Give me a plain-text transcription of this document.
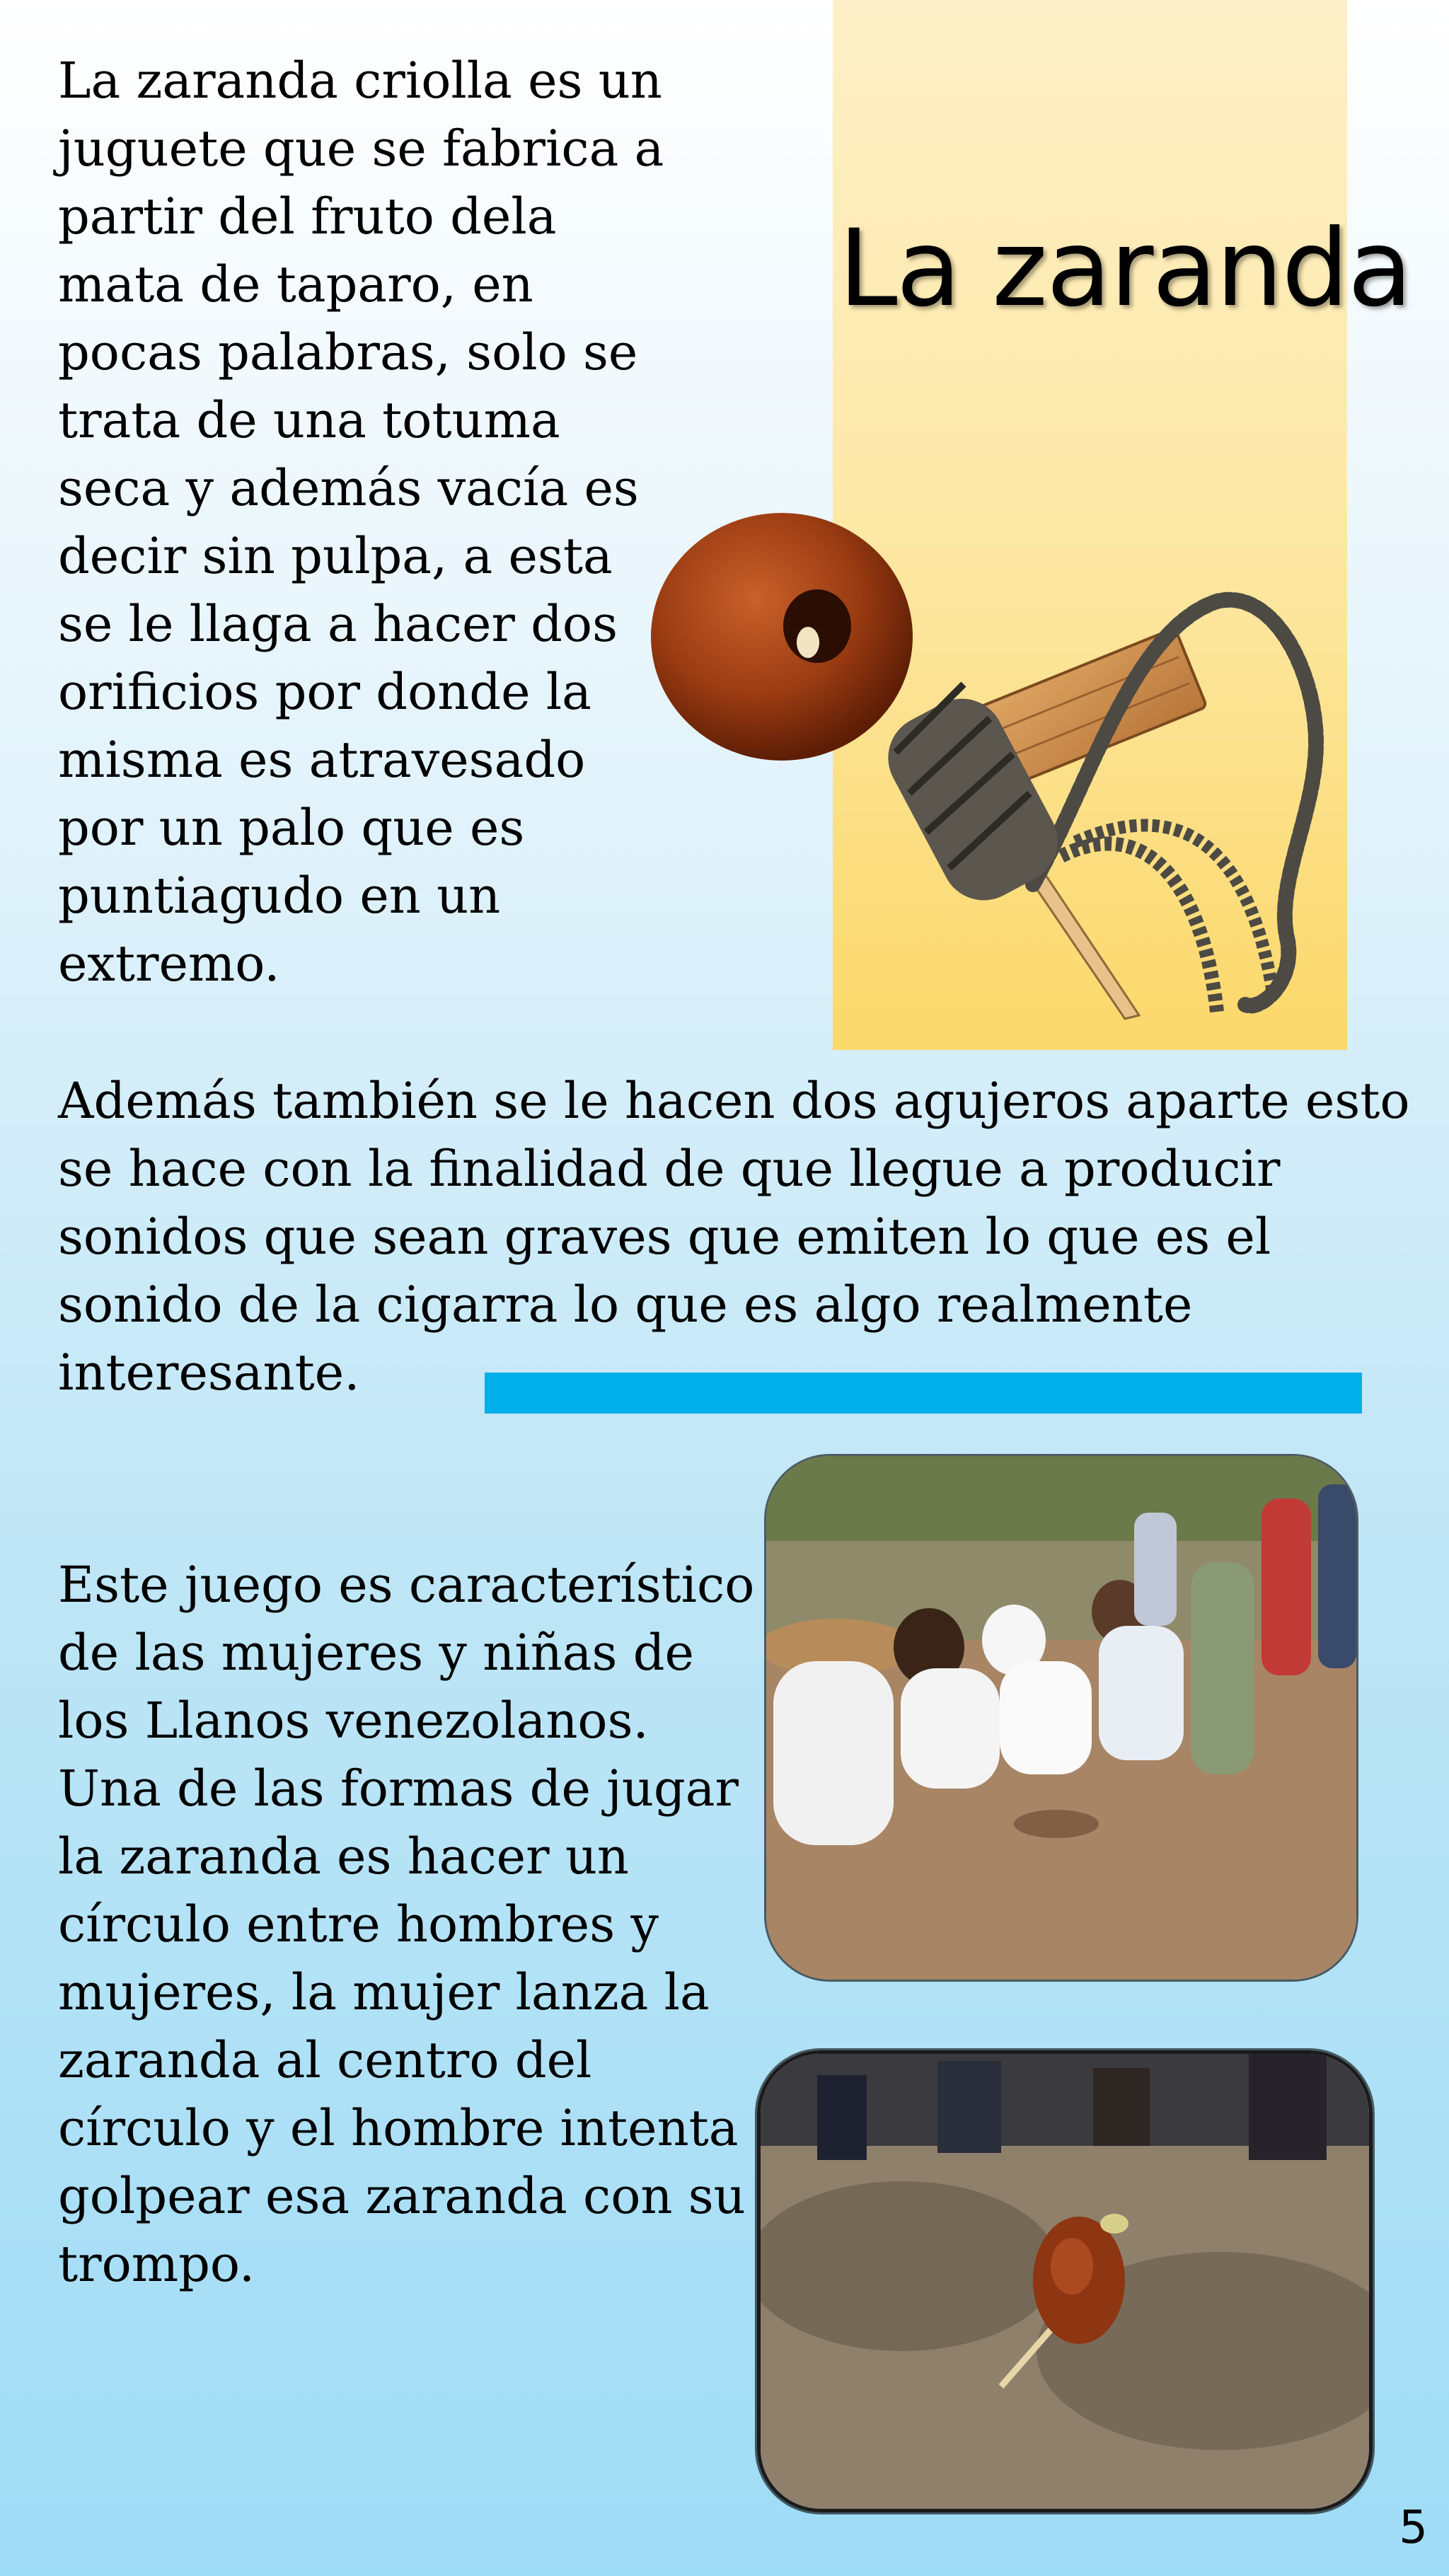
La zaranda

La zaranda criolla es un juguete que se fabrica a partir del fruto dela mata de taparo, en pocas palabras, solo se trata de una totuma seca y además vacía es decir sin pulpa, a esta se le llaga a hacer dos orificios por donde la misma es atravesado por un palo que es puntiagudo en un extremo.

Además también se le hacen dos agujeros aparte esto se hace con la finalidad de que llegue a producir sonidos que sean graves que emiten lo que es el sonido de la cigarra lo que es algo realmente interesante.

Este juego es característico de las mujeres y niñas de los Llanos venezolanos. Una de las formas de jugar la zaranda es hacer un círculo entre hombres y mujeres, la mujer lanza la zaranda al centro del círculo y el hombre intenta golpear esa zaranda con su trompo.

5
